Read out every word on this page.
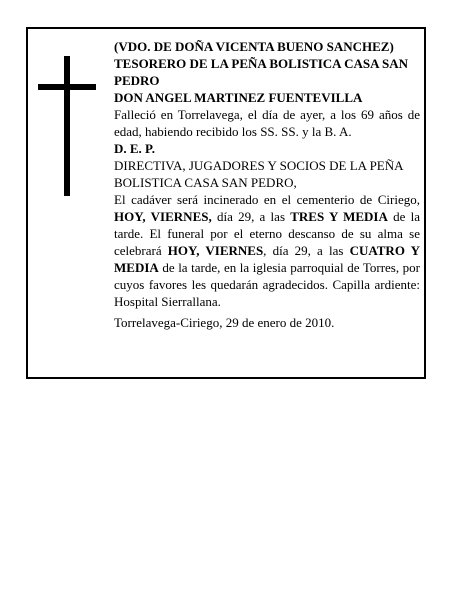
(VDO. DE DOÑA VICENTA BUENO SANCHEZ)

TESORERO DE LA PEÑA BOLISTICA CASA SAN PEDRO

DON ANGEL MARTINEZ FUENTEVILLA

Falleció en Torrelavega, el día de ayer, a los 69 años de edad, habiendo recibido los SS. SS. y la B. A.

D. E. P.

DIRECTIVA, JUGADORES Y SOCIOS DE LA PEÑA BOLISTICA CASA SAN PEDRO,

El cadáver será incinerado en el cementerio de Ciriego, HOY, VIERNES, día 29, a las TRES Y MEDIA de la tarde. El funeral por el eterno descanso de su alma se celebrará HOY, VIERNES, día 29, a las CUATRO Y MEDIA de la tarde, en la iglesia parroquial de Torres, por cuyos favores les quedarán agradecidos. Capilla ardiente: Hospital Sierrallana.

Torrelavega-Ciriego, 29 de enero de 2010.
